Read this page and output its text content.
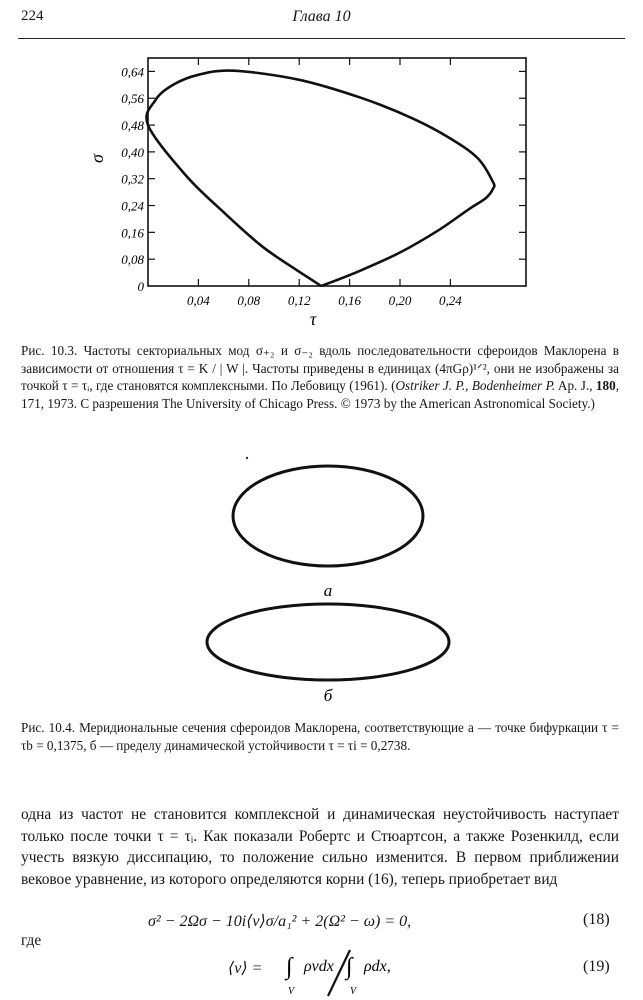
224	Глава 10
0
0,08
0,16
0,24
0,32
0,40
0,48
0,56
0,64
0,04 0,08 0,12 0,16 0,20 0,24
τ
σ
Рис. 10.3. Частоты секториальных мод σ₊₂ и σ₋₂ вдоль последовательности сфероидов Маклорена в зависимости от отношения τ = K / | W |. Частоты приведены в единицах (4πGρ)¹ᐟ², они не изображены за точкой τ = τᵢ, где становятся комплексными. По Лебовицу (1961). (Ostriker J. P., Bodenheimer P. Ap. J., 180, 171, 1973. С разрешения The University of Chicago Press. © 1973 by the American Astronomical Society.)
а
б
Рис. 10.4. Меридиональные сечения сфероидов Маклорена, соответствующие а — точке бифуркации τ = τb = 0,1375, б — пределу динамической устойчивости τ = τi = 0,2738.
одна из частот не становится комплексной и динамическая неустойчивость наступает только после точки τ = τᵢ. Как показали Робертс и Стюартсон, а также Розенкилд, если учесть вязкую диссипацию, то положение сильно изменится. В первом приближении вековое уравнение, из которого определяются корни (16), теперь приобретает вид
σ² − 2Ωσ − 10i⟨ν⟩σ/a₁² + 2(Ω² − ω) = 0,	(18)
где
⟨ν⟩ = ∫
V
ρνdx ∫
V
ρdx,	(19)
